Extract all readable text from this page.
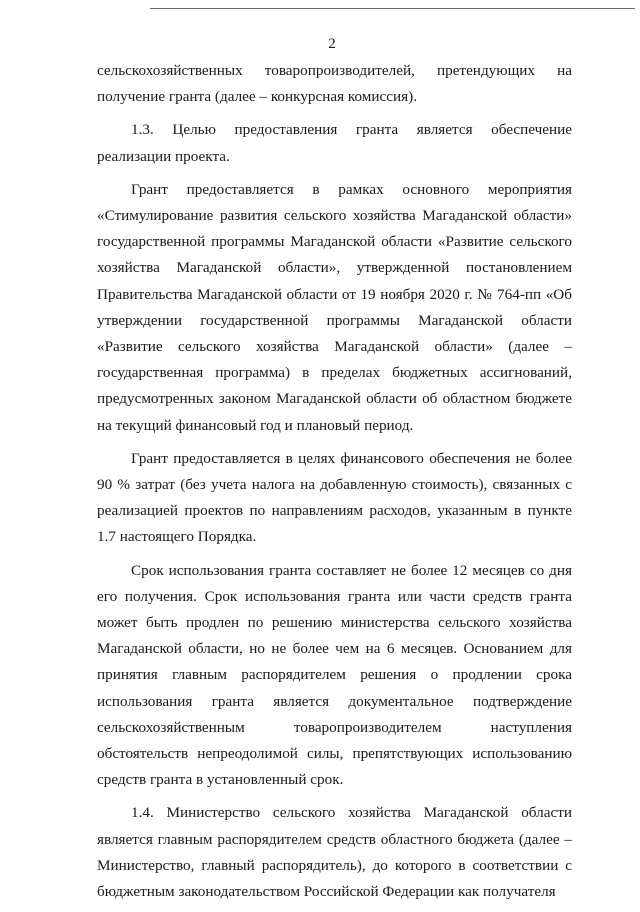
2

сельскохозяйственных товаропроизводителей, претендующих на получение гранта (далее – конкурсная комиссия).

1.3. Целью предоставления гранта является обеспечение реализации проекта.

Грант предоставляется в рамках основного мероприятия «Стимулирование развития сельского хозяйства Магаданской области» государственной программы Магаданской области «Развитие сельского хозяйства Магаданской области», утвержденной постановлением Правительства Магаданской области от 19 ноября 2020 г. № 764-пп «Об утверждении государственной программы Магаданской области «Развитие сельского хозяйства Магаданской области» (далее – государственная программа) в пределах бюджетных ассигнований, предусмотренных законом Магаданской области об областном бюджете на текущий финансовый год и плановый период.

Грант предоставляется в целях финансового обеспечения не более 90 % затрат (без учета налога на добавленную стоимость), связанных с реализацией проектов по направлениям расходов, указанным в пункте 1.7 настоящего Порядка.

Срок использования гранта составляет не более 12 месяцев со дня его получения. Срок использования гранта или части средств гранта может быть продлен по решению министерства сельского хозяйства Магаданской области, но не более чем на 6 месяцев. Основанием для принятия главным распорядителем решения о продлении срока использования гранта является документальное подтверждение сельскохозяйственным товаропроизводителем наступления обстоятельств непреодолимой силы, препятствующих использованию средств гранта в установленный срок.

1.4. Министерство сельского хозяйства Магаданской области является главным распорядителем средств областного бюджета (далее – Министерство, главный распорядитель), до которого в соответствии с бюджетным законодательством Российской Федерации как получателя
